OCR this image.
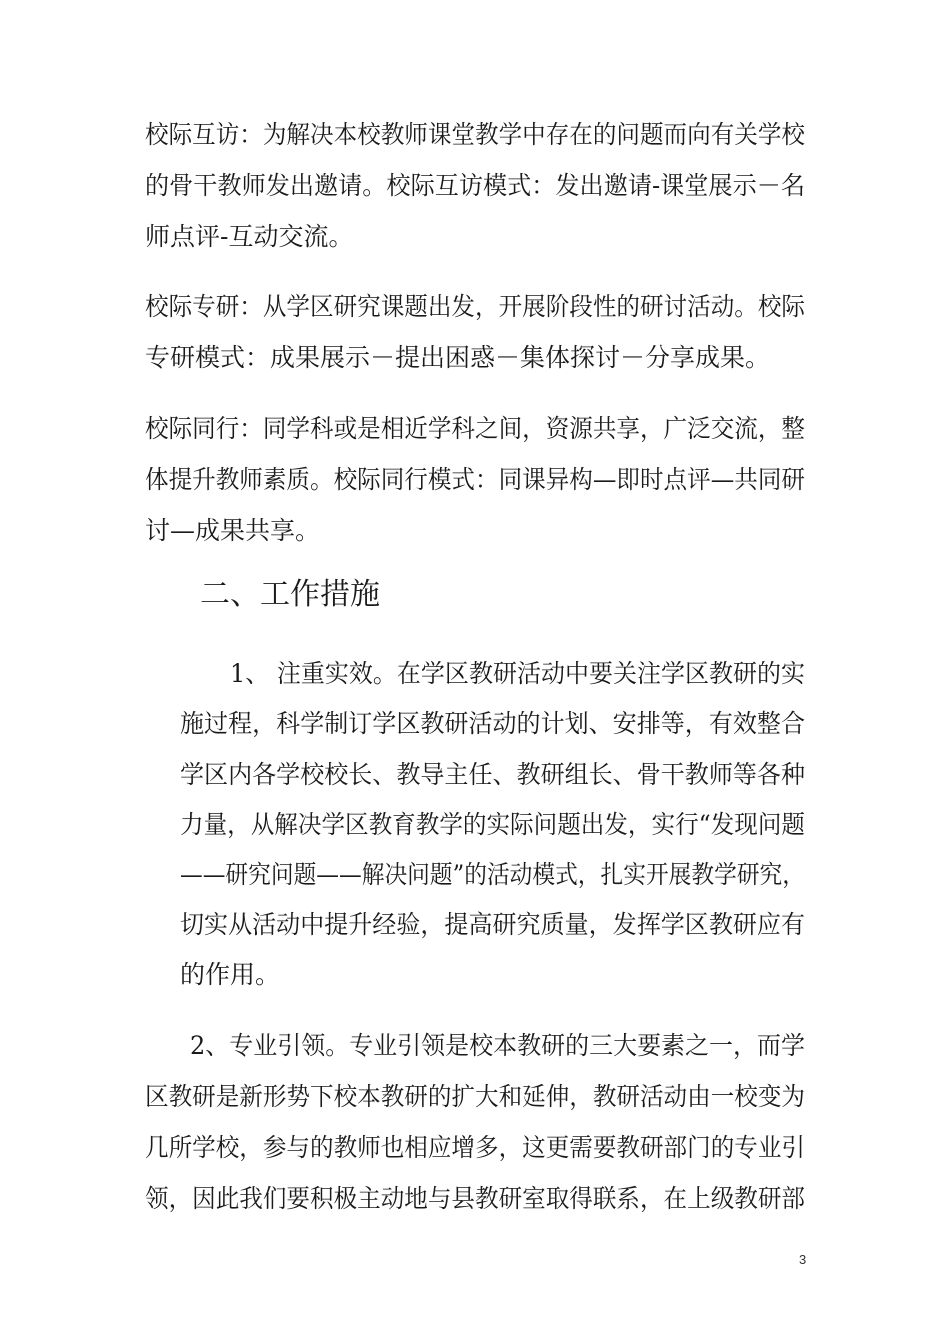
校际互访：为解决本校教师课堂教学中存在的问题而向有关学校
的骨干教师发出邀请。校际互访模式：发出邀请-课堂展示－名
师点评-互动交流。
校际专研：从学区研究课题出发，开展阶段性的研讨活动。校际
专研模式：成果展示－提出困惑－集体探讨－分享成果。
校际同行：同学科或是相近学科之间，资源共享，广泛交流，整
体提升教师素质。校际同行模式：同课异构—即时点评—共同研
讨—成果共享。
二、工作措施
1、 注重实效。在学区教研活动中要关注学区教研的实
施过程，科学制订学区教研活动的计划、安排等，有效整合
学区内各学校校长、教导主任、教研组长、骨干教师等各种
力量，从解决学区教育教学的实际问题出发，实行“发现问题
——研究问题——解决问题”的活动模式，扎实开展教学研究，
切实从活动中提升经验，提高研究质量，发挥学区教研应有
的作用。
2、专业引领。专业引领是校本教研的三大要素之一，而学
区教研是新形势下校本教研的扩大和延伸，教研活动由一校变为
几所学校，参与的教师也相应增多，这更需要教研部门的专业引
领，因此我们要积极主动地与县教研室取得联系，在上级教研部
3
